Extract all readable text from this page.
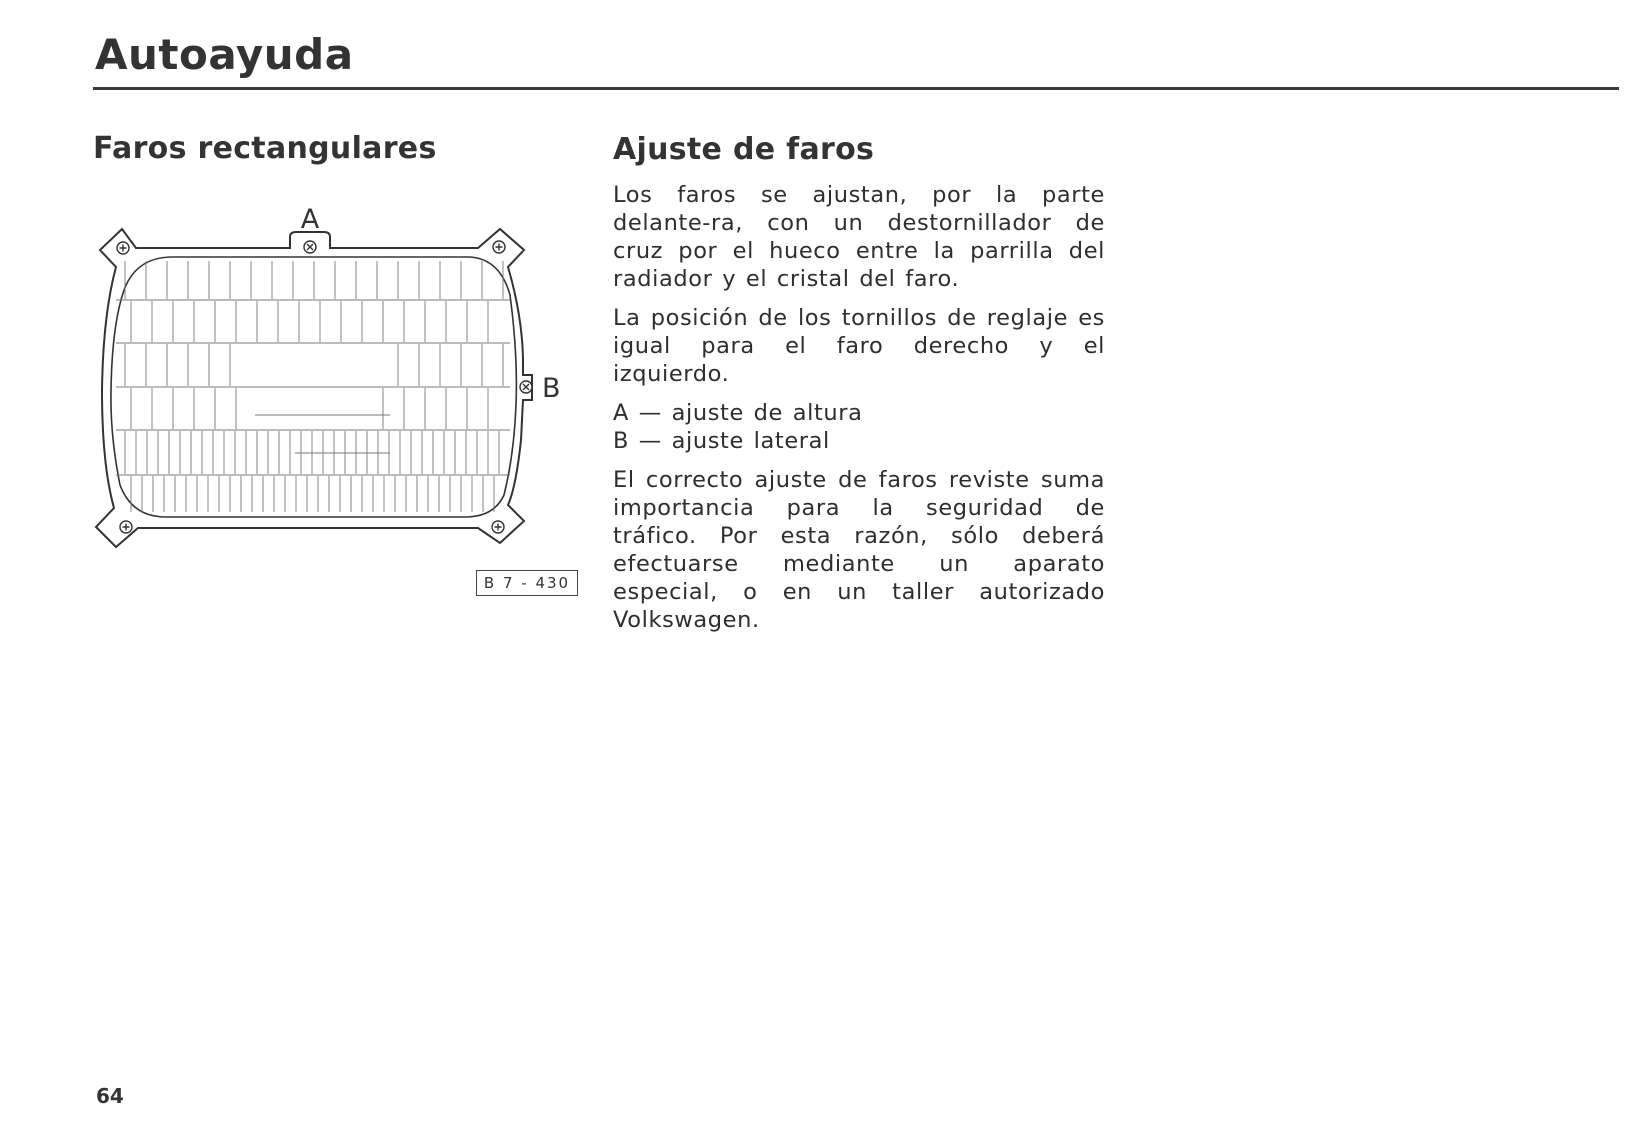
Autoayuda
Faros rectangulares
A
B
B 7 - 430
Ajuste de faros

Los faros se ajustan, por la parte delante-ra, con un destornillador de cruz por el hueco entre la parrilla del radiador y el cristal del faro.

La posición de los tornillos de reglaje es igual para el faro derecho y el izquierdo.

A — ajuste de altura
B — ajuste lateral

El correcto ajuste de faros reviste suma importancia para la seguridad de tráfico. Por esta razón, sólo deberá efectuarse mediante un aparato especial, o en un taller autorizado Volkswagen.

64
